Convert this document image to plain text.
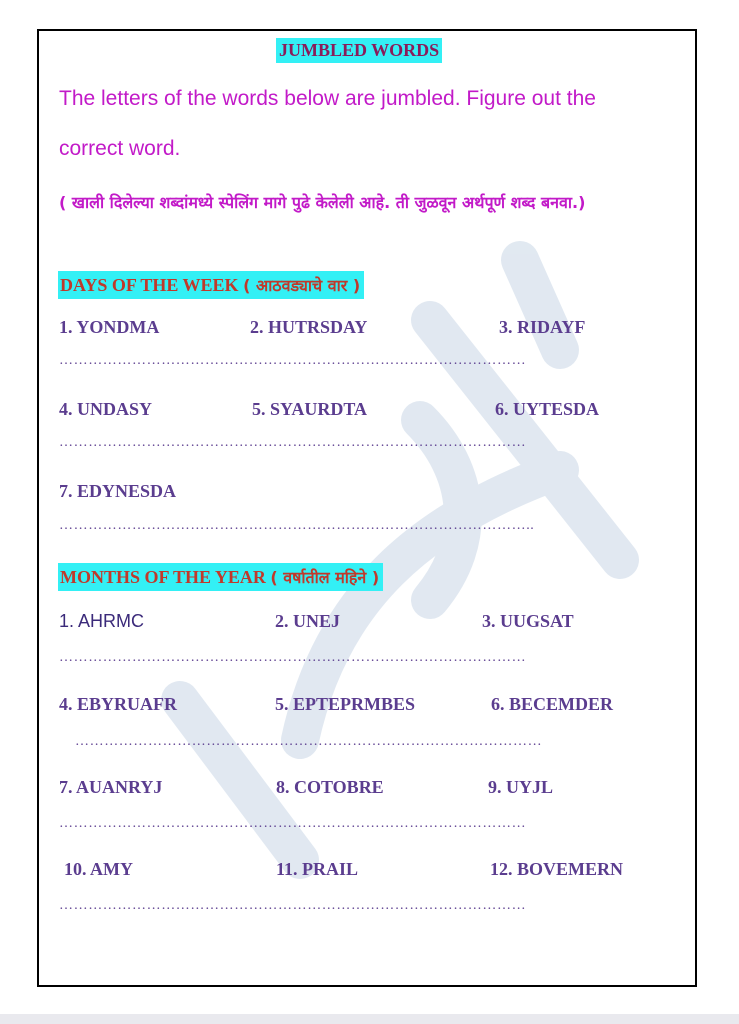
JUMBLED WORDS
The letters of the words below are jumbled. Figure out the
correct word.
( खाली दिलेल्या शब्दांमध्ये स्पेलिंग मागे पुढे केलेली आहे. ती जुळवून अर्थपूर्ण शब्द बनवा.)
DAYS OF THE WEEK ( आठवड्याचे वार )
1. YONDMA	2. HUTRSDAY	3. RIDAYF
……………………………………………………………………………………
4. UNDASY	5. SYAURDTA	6. UYTESDA
……………………………………………………………………………………
7. EDYNESDA
……………………………………………………………………………………..
MONTHS OF THE YEAR ( वर्षातील महिने )
1. AHRMC	2. UNEJ	3. UUGSAT
……………………………………………………………………………………
4. EBYRUAFR	5. EPTEPRMBES	6. BECEMDER
……………………………………………………………………………………
7. AUANRYJ	8. COTOBRE	9. UYJL
……………………………………………………………………………………
10. AMY	11. PRAIL	12. BOVEMERN
……………………………………………………………………………………
